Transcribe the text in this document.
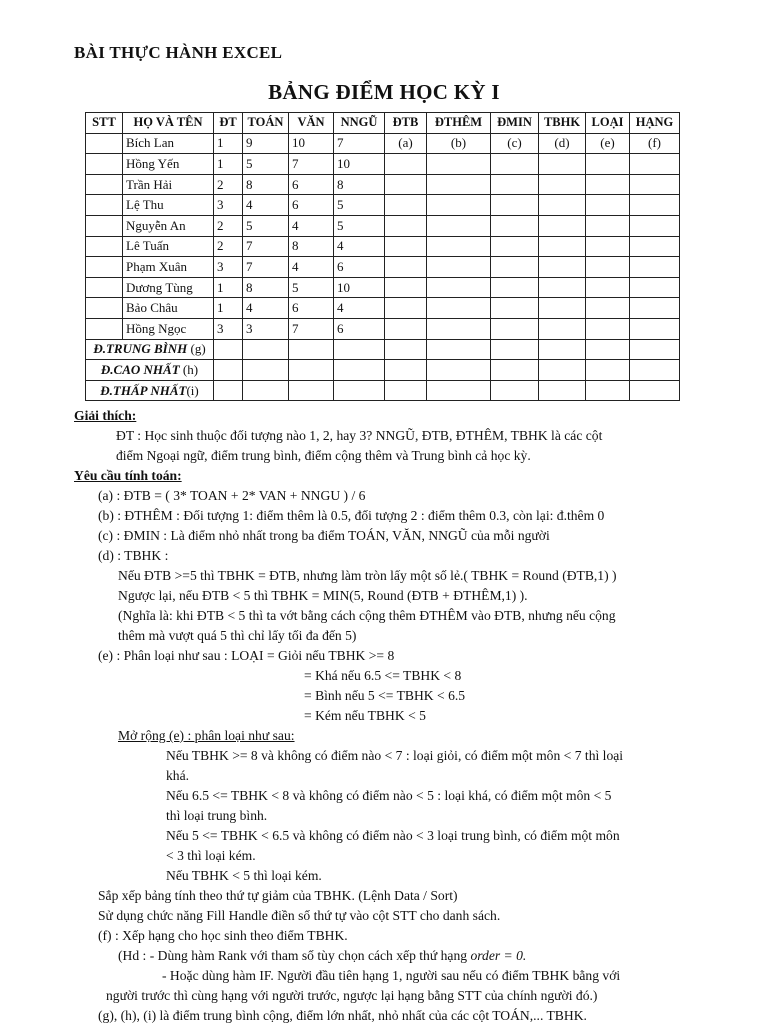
BÀI THỰC HÀNH EXCEL
BẢNG ĐIỂM HỌC KỲ I
STT	HỌ VÀ TÊN	ĐT	TOÁN	VĂN	NNGŨ	ĐTB	ĐTHÊM	ĐMIN	TBHK	LOẠI	HẠNG
	Bích Lan	1	9	10	7	(a)	(b)	(c)	(d)	(e)	(f)
	Hồng Yến	1	5	7	10						
	Trần Hải	2	8	6	8						
	Lệ Thu	3	4	6	5						
	Nguyễn An	2	5	4	5						
	Lê Tuấn	2	7	8	4						
	Phạm Xuân	3	7	4	6						
	Dương Tùng	1	8	5	10						
	Bảo Châu	1	4	6	4						
	Hồng Ngọc	3	3	7	6						
Đ.TRUNG BÌNH (g)											
Đ.CAO NHẤT (h)											
Đ.THẤP NHẤT(i)											
Giải thích:
ĐT : Học sinh thuộc đối tượng nào 1, 2, hay 3? NNGŨ, ĐTB, ĐTHÊM, TBHK là các cột
điểm Ngoại ngữ, điểm trung bình, điểm cộng thêm và Trung bình cả học kỳ.
Yêu cầu tính toán:
(a) : ĐTB = ( 3* TOAN + 2* VAN + NNGU ) / 6
(b) : ĐTHÊM : Đối tượng 1: điểm thêm là 0.5, đối tượng 2 : điểm thêm 0.3, còn lại: đ.thêm 0
(c) : ĐMIN : Là điểm nhỏ nhất trong ba điểm TOÁN, VĂN, NNGŨ của mỗi người
(d) : TBHK :
Nếu ĐTB >=5 thì TBHK = ĐTB, nhưng làm tròn lấy một số lẻ.( TBHK = Round (ĐTB,1) )
Ngược lại, nếu ĐTB < 5 thì TBHK = MIN(5, Round (ĐTB + ĐTHÊM,1) ).
(Nghĩa là: khi ĐTB < 5 thì ta vớt bằng cách cộng thêm ĐTHÊM vào ĐTB, nhưng nếu cộng
thêm mà vượt quá 5 thì chỉ lấy tối đa đến 5)
(e) : Phân loại như sau : LOẠI = Giỏi nếu TBHK >= 8
= Khá nếu 6.5 <= TBHK < 8
= Bình nếu 5 <= TBHK < 6.5
= Kém nếu TBHK < 5
Mở rộng (e) : phân loại như sau:
Nếu TBHK >= 8 và không có điểm nào < 7 : loại giỏi, có điểm một môn < 7 thì loại
khá.
Nếu 6.5 <= TBHK < 8 và không có điểm nào < 5 : loại khá, có điểm một môn < 5
thì loại trung bình.
Nếu 5 <= TBHK < 6.5 và không có điểm nào < 3 loại trung bình, có điểm một môn
< 3 thì loại kém.
Nếu TBHK < 5 thì loại kém.
Sắp xếp bảng tính theo thứ tự giảm của TBHK. (Lệnh Data / Sort)
Sử dụng chức năng Fill Handle điền số thứ tự vào cột STT cho danh sách.
(f) : Xếp hạng cho học sinh theo điểm TBHK.
(Hd : - Dùng hàm Rank với tham số tùy chọn cách xếp thứ hạng order = 0.
- Hoặc dùng hàm IF. Người đầu tiên hạng 1, người sau nếu có điểm TBHK bằng với
người trước thì cùng hạng với người trước, ngược lại hạng bằng STT của chính người đó.)
(g), (h), (i) là điểm trung bình cộng, điểm lớn nhất, nhỏ nhất của các cột TOÁN,... TBHK.
